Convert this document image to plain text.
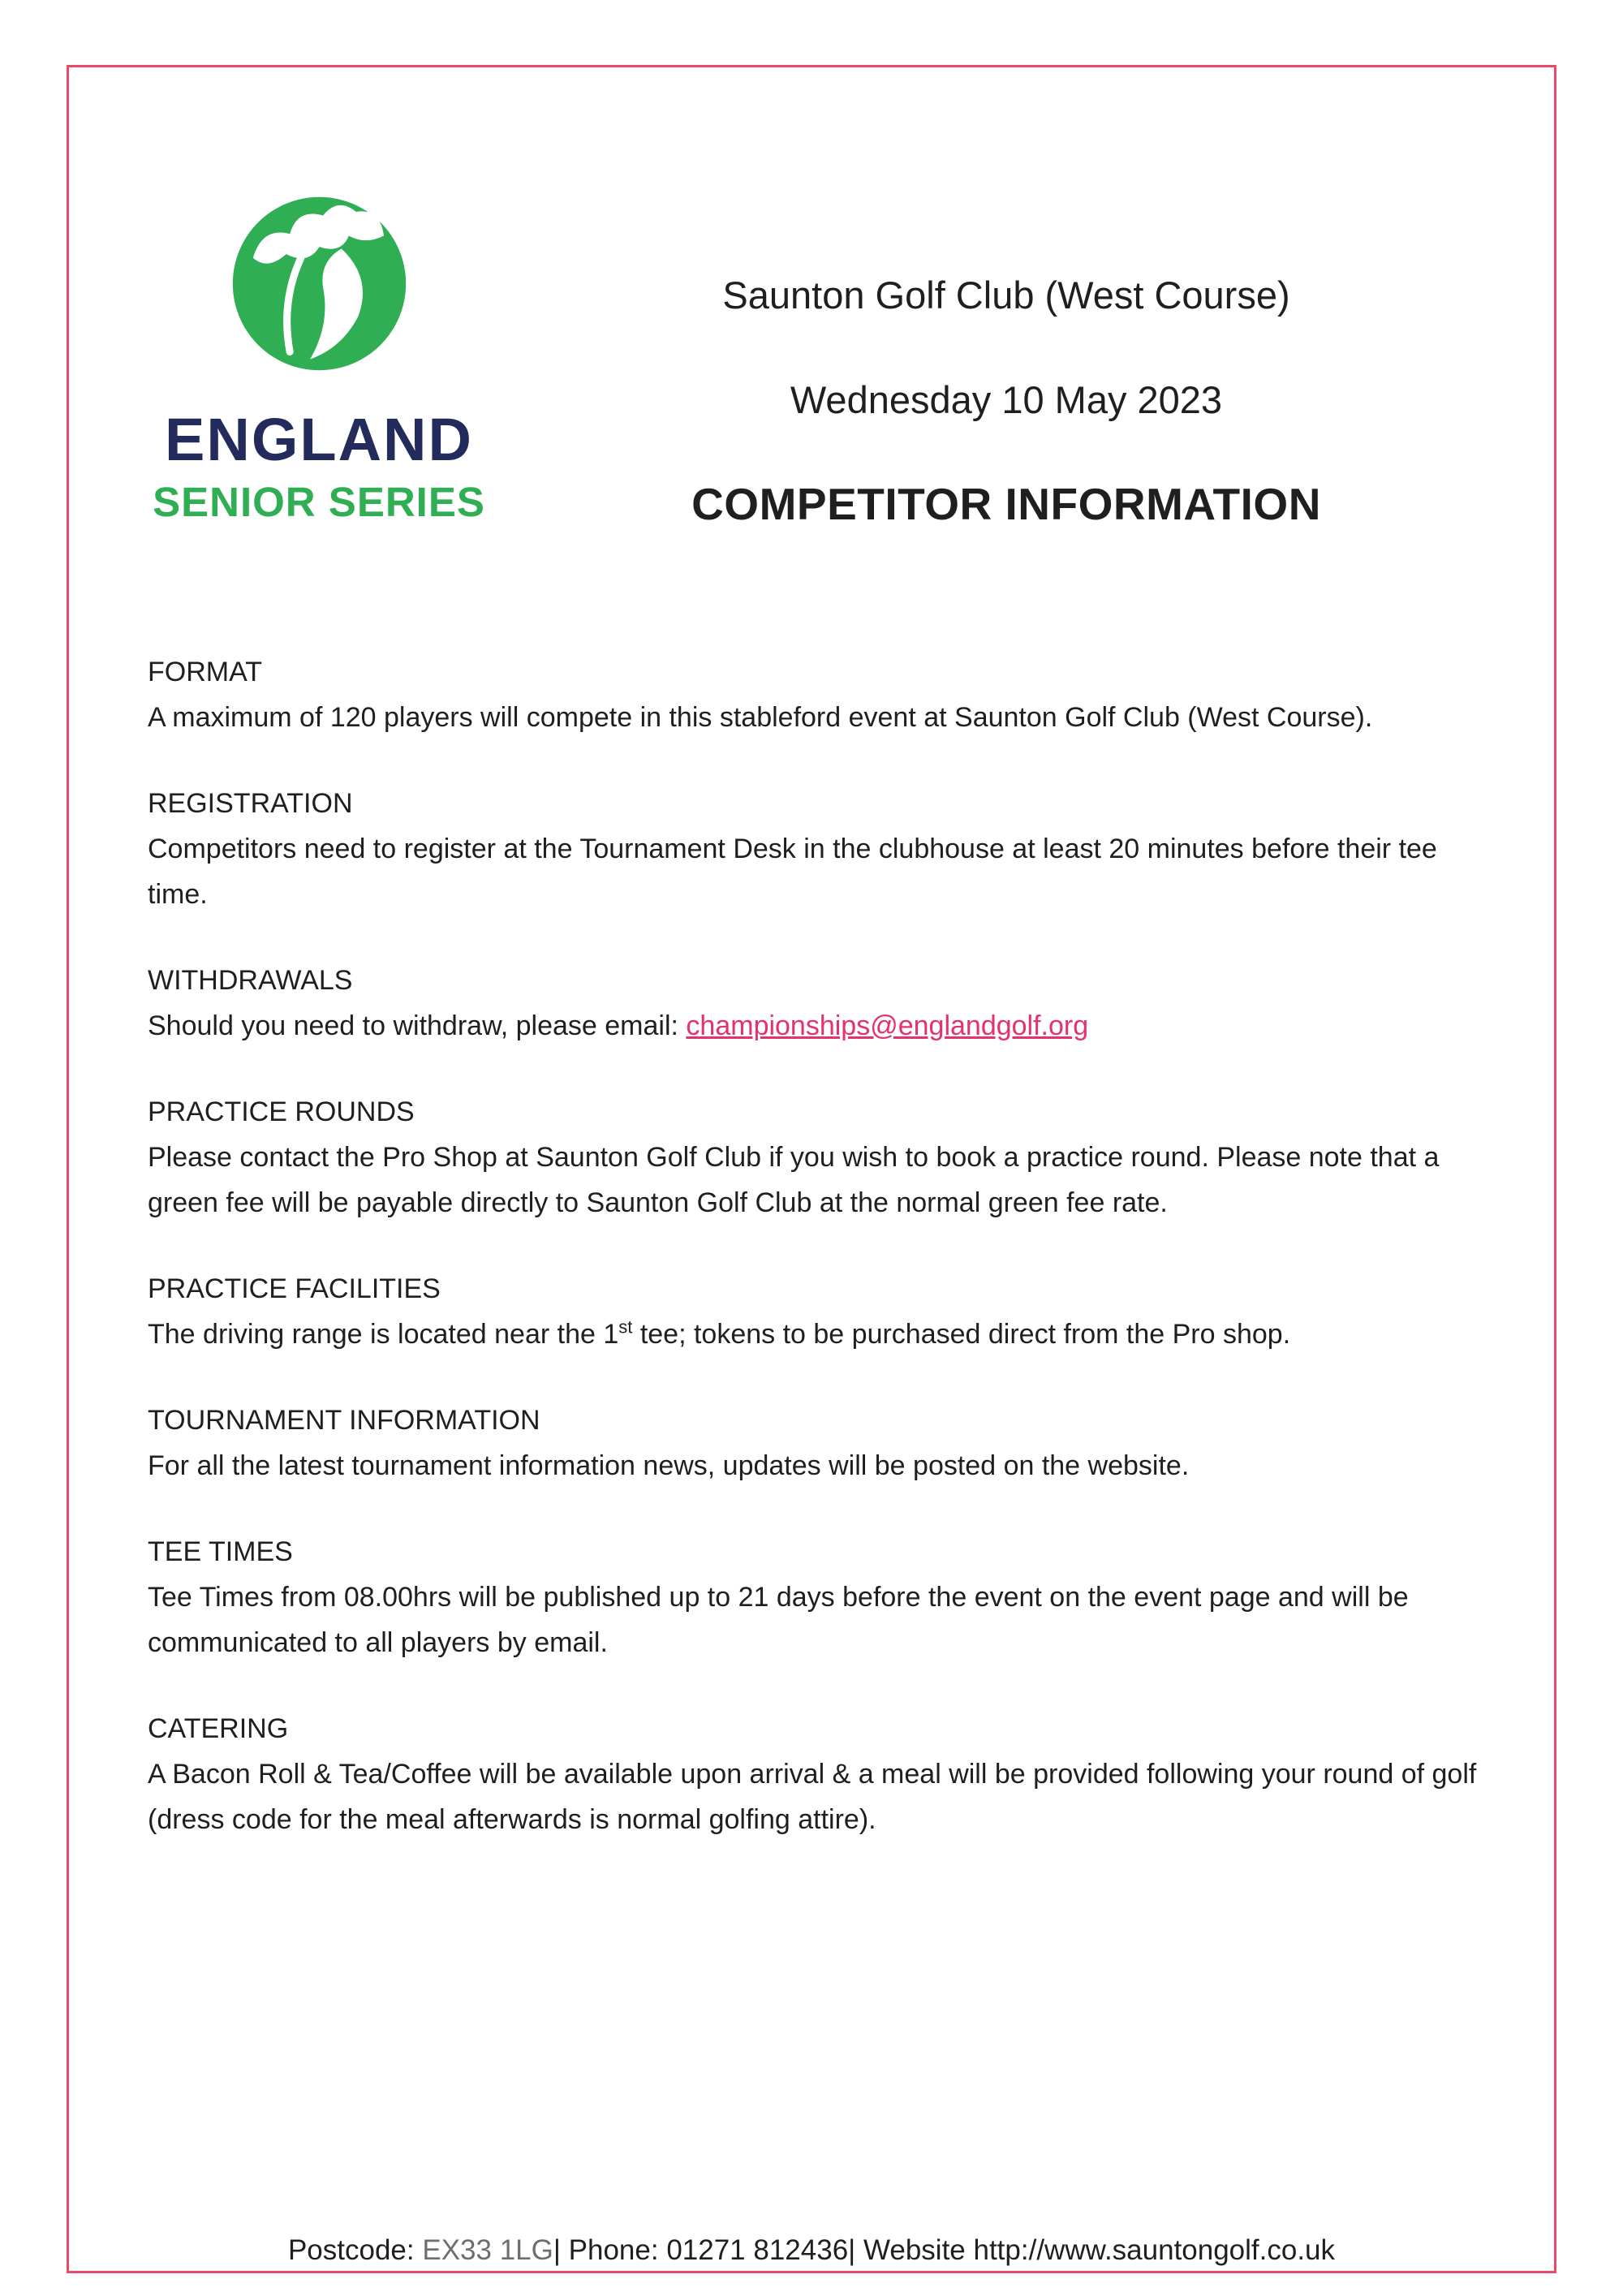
ENGLAND
SENIOR SERIES
Saunton Golf Club (West Course)
Wednesday 10 May 2023
COMPETITOR INFORMATION
FORMAT

A maximum of 120 players will compete in this stableford event at Saunton Golf Club (West Course).

REGISTRATION

Competitors need to register at the Tournament Desk in the clubhouse at least 20 minutes before their tee time.

WITHDRAWALS

Should you need to withdraw, please email: championships@englandgolf.org

PRACTICE ROUNDS

Please contact the Pro Shop at Saunton Golf Club if you wish to book a practice round. Please note that a green fee will be payable directly to Saunton Golf Club at the normal green fee rate.

PRACTICE FACILITIES

The driving range is located near the 1st tee; tokens to be purchased direct from the Pro shop.

TOURNAMENT INFORMATION

For all the latest tournament information news, updates will be posted on the website.

TEE TIMES

Tee Times from 08.00hrs will be published up to 21 days before the event on the event page and will be communicated to all players by email.

CATERING

A Bacon Roll & Tea/Coffee will be available upon arrival & a meal will be provided following your round of golf (dress code for the meal afterwards is normal golfing attire).

Postcode: EX33 1LG| Phone: 01271 812436| Website http://www.sauntongolf.co.uk
